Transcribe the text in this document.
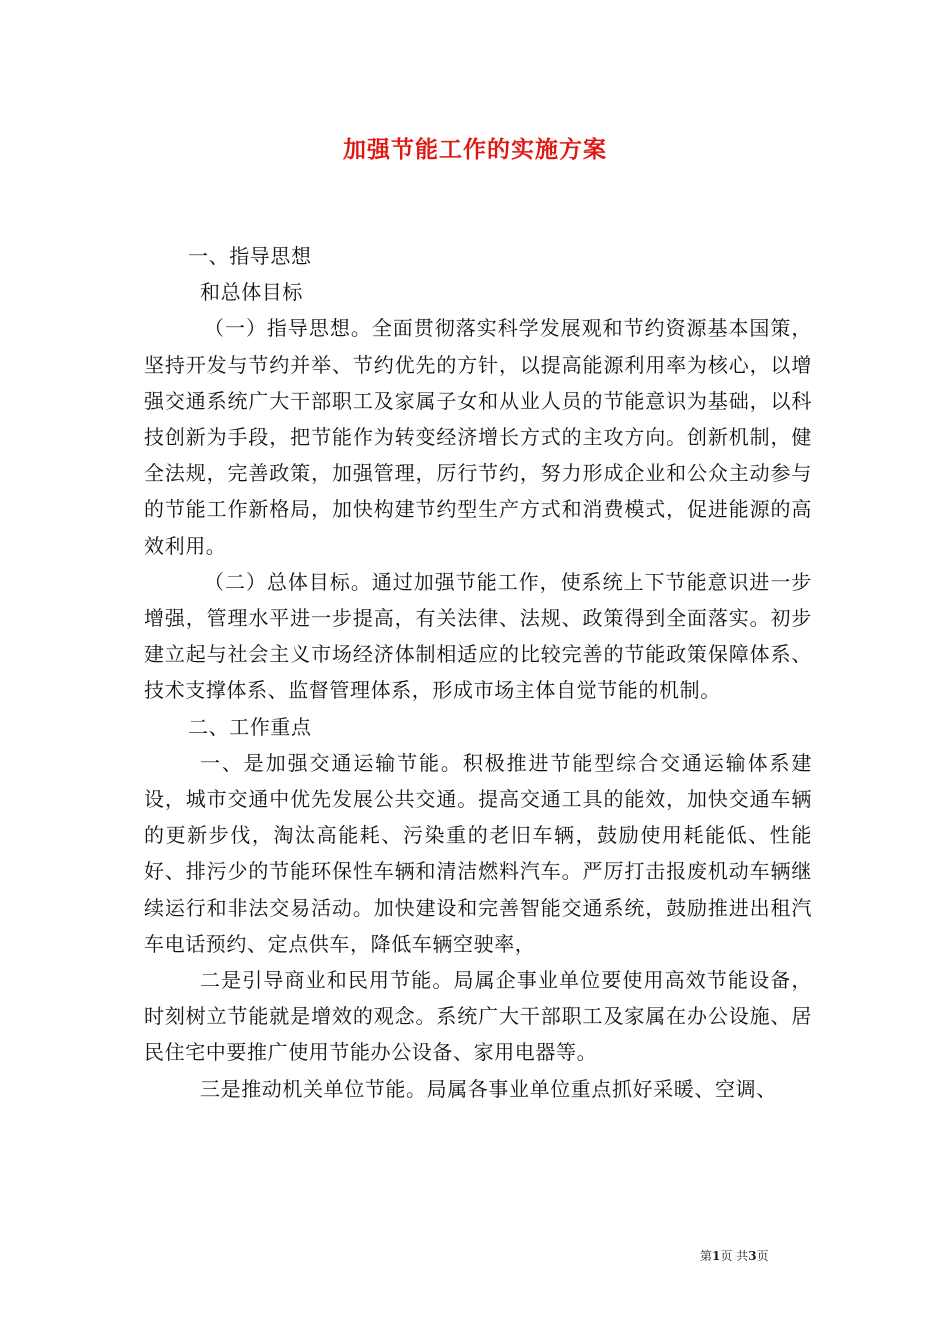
加强节能工作的实施方案

一、指导思想

和总体目标

（一）指导思想。全面贯彻落实科学发展观和节约资源基本国策，坚持开发与节约并举、节约优先的方针，以提高能源利用率为核心，以增强交通系统广大干部职工及家属子女和从业人员的节能意识为基础，以科技创新为手段，把节能作为转变经济增长方式的主攻方向。创新机制，健全法规，完善政策，加强管理，厉行节约，努力形成企业和公众主动参与的节能工作新格局，加快构建节约型生产方式和消费模式，促进能源的高效利用。

（二）总体目标。通过加强节能工作，使系统上下节能意识进一步增强，管理水平进一步提高，有关法律、法规、政策得到全面落实。初步建立起与社会主义市场经济体制相适应的比较完善的节能政策保障体系、技术支撑体系、监督管理体系，形成市场主体自觉节能的机制。

二、工作重点

一、是加强交通运输节能。积极推进节能型综合交通运输体系建设，城市交通中优先发展公共交通。提高交通工具的能效，加快交通车辆的更新步伐，淘汰高能耗、污染重的老旧车辆，鼓励使用耗能低、性能好、排污少的节能环保性车辆和清洁燃料汽车。严厉打击报废机动车辆继续运行和非法交易活动。加快建设和完善智能交通系统，鼓励推进出租汽车电话预约、定点供车，降低车辆空驶率，

二是引导商业和民用节能。局属企事业单位要使用高效节能设备，时刻树立节能就是增效的观念。系统广大干部职工及家属在办公设施、居民住宅中要推广使用节能办公设备、家用电器等。

三是推动机关单位节能。局属各事业单位重点抓好采暖、空调、

第1页 共3页
